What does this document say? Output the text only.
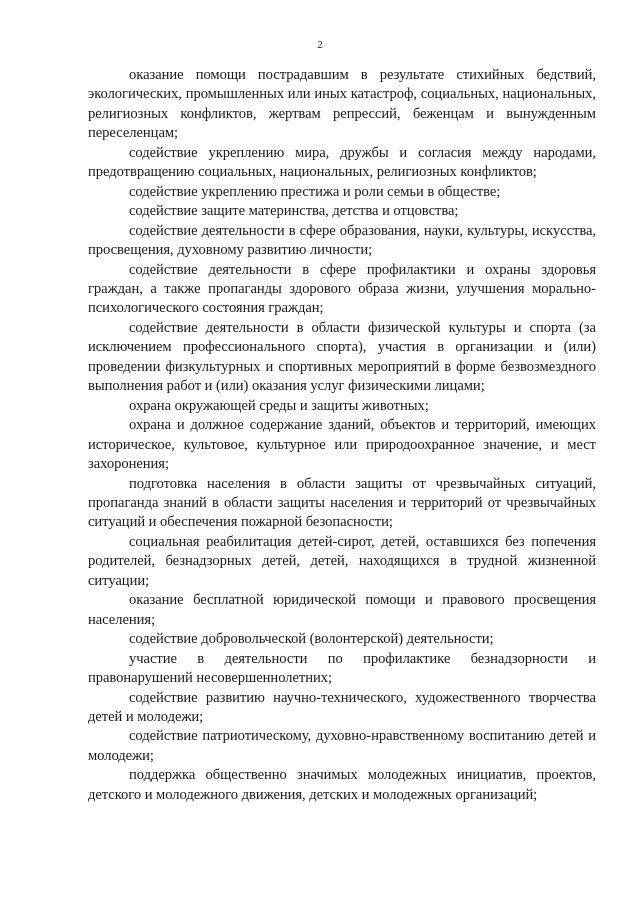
2

оказание помощи пострадавшим в результате стихийных бедствий, экологических, промышленных или иных катастроф, социальных, национальных, религиозных конфликтов, жертвам репрессий, беженцам и вынужденным переселенцам;

содействие укреплению мира, дружбы и согласия между народами, предотвращению социальных, национальных, религиозных конфликтов;

содействие укреплению престижа и роли семьи в обществе;

содействие защите материнства, детства и отцовства;

содействие деятельности в сфере образования, науки, культуры, искусства, просвещения, духовному развитию личности;

содействие деятельности в сфере профилактики и охраны здоровья граждан, а также пропаганды здорового образа жизни, улучшения морально-психологического состояния граждан;

содействие деятельности в области физической культуры и спорта (за исключением профессионального спорта), участия в организации и (или) проведении физкультурных и спортивных мероприятий в форме безвозмездного выполнения работ и (или) оказания услуг физическими лицами;

охрана окружающей среды и защиты животных;

охрана и должное содержание зданий, объектов и территорий, имеющих историческое, культовое, культурное или природоохранное значение, и мест захоронения;

подготовка населения в области защиты от чрезвычайных ситуаций, пропаганда знаний в области защиты населения и территорий от чрезвычайных ситуаций и обеспечения пожарной безопасности;

социальная реабилитация детей-сирот, детей, оставшихся без попечения родителей, безнадзорных детей, детей, находящихся в трудной жизненной ситуации;

оказание бесплатной юридической помощи и правового просвещения населения;

содействие добровольческой (волонтерской) деятельности;

участие в деятельности по профилактике безнадзорности и правонарушений несовершеннолетних;

содействие развитию научно-технического, художественного творчества детей и молодежи;

содействие патриотическому, духовно-нравственному воспитанию детей и молодежи;

поддержка общественно значимых молодежных инициатив, проектов, детского и молодежного движения, детских и молодежных организаций;
